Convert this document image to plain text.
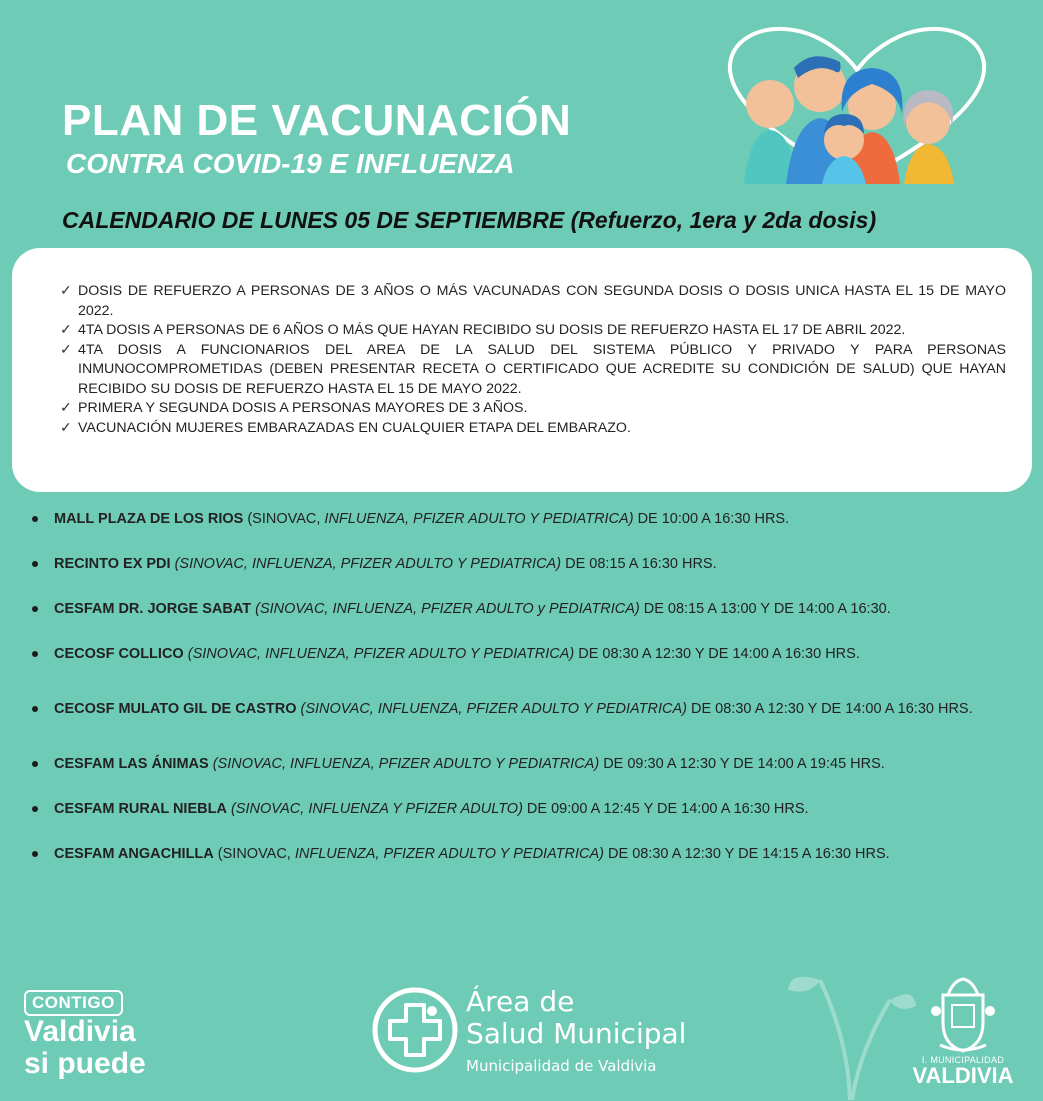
PLAN DE VACUNACIÓN
CONTRA COVID-19 E INFLUENZA

CALENDARIO DE LUNES 05 DE SEPTIEMBRE (Refuerzo, 1era y 2da dosis)

✓ DOSIS DE REFUERZO A PERSONAS DE 3 AÑOS O MÁS VACUNADAS CON SEGUNDA DOSIS O DOSIS UNICA HASTA EL 15 DE MAYO 2022.
✓ 4TA DOSIS A PERSONAS DE 6 AÑOS O MÁS QUE HAYAN RECIBIDO SU DOSIS DE REFUERZO HASTA EL 17 DE ABRIL 2022.
✓ 4TA DOSIS A FUNCIONARIOS DEL AREA DE LA SALUD DEL SISTEMA PÚBLICO Y PRIVADO Y PARA PERSONAS INMUNOCOMPROMETIDAS (DEBEN PRESENTAR RECETA O CERTIFICADO QUE ACREDITE SU CONDICIÓN DE SALUD) QUE HAYAN RECIBIDO SU DOSIS DE REFUERZO HASTA EL 15 DE MAYO 2022.
✓ PRIMERA Y SEGUNDA DOSIS A PERSONAS MAYORES DE 3 AÑOS.
✓ VACUNACIÓN MUJERES EMBARAZADAS EN CUALQUIER ETAPA DEL EMBARAZO.
MALL PLAZA DE LOS RIOS (SINOVAC, INFLUENZA, PFIZER ADULTO Y PEDIATRICA) DE 10:00 A 16:30 HRS.
RECINTO EX PDI (SINOVAC, INFLUENZA, PFIZER ADULTO Y PEDIATRICA) DE 08:15 A 16:30 HRS.
CESFAM DR. JORGE SABAT (SINOVAC, INFLUENZA, PFIZER ADULTO y PEDIATRICA) DE 08:15 A 13:00 Y DE 14:00 A 16:30.
CECOSF COLLICO (SINOVAC, INFLUENZA, PFIZER ADULTO Y PEDIATRICA) DE 08:30 A 12:30 Y DE 14:00 A 16:30 HRS.
CECOSF MULATO GIL DE CASTRO (SINOVAC, INFLUENZA, PFIZER ADULTO Y PEDIATRICA) DE 08:30 A 12:30 Y DE 14:00 A 16:30 HRS.
CESFAM LAS ÁNIMAS (SINOVAC, INFLUENZA, PFIZER ADULTO Y PEDIATRICA) DE 09:30 A 12:30 Y DE 14:00 A 19:45 HRS.
CESFAM RURAL NIEBLA (SINOVAC, INFLUENZA Y PFIZER ADULTO) DE 09:00 A 12:45 Y DE 14:00 A 16:30 HRS.
CESFAM ANGACHILLA (SINOVAC, INFLUENZA, PFIZER ADULTO Y PEDIATRICA) DE 08:30 A 12:30 Y DE 14:15 A 16:30 HRS.
CONTIGO
Valdivia
si puede
Área de
Salud Municipal
Municipalidad de Valdivia	I. MUNICIPALIDAD
VALDIVIA
